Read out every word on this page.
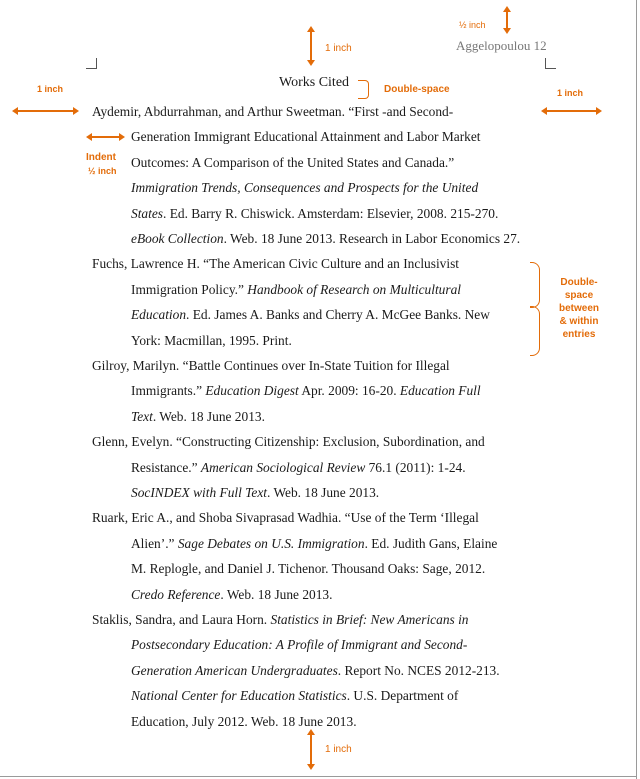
Aggelopoulou 12
Works Cited
1 inch
½ inch
1 inch	1 inch
Double-space
Indent
½ inch
Double-
space
between
& within
entries
1 inch
Aydemir, Abdurrahman, and Arthur Sweetman. “First -and Second-
Generation Immigrant Educational Attainment and Labor Market
Outcomes: A Comparison of the United States and Canada.”
Immigration Trends, Consequences and Prospects for the United
States. Ed. Barry R. Chiswick. Amsterdam: Elsevier, 2008. 215-270.
eBook Collection. Web. 18 June 2013. Research in Labor Economics 27.
Fuchs, Lawrence H. “The American Civic Culture and an Inclusivist
Immigration Policy.” Handbook of Research on Multicultural
Education. Ed. James A. Banks and Cherry A. McGee Banks. New
York: Macmillan, 1995. Print.
Gilroy, Marilyn. “Battle Continues over In-State Tuition for Illegal
Immigrants.” Education Digest Apr. 2009: 16-20. Education Full
Text. Web. 18 June 2013.
Glenn, Evelyn. “Constructing Citizenship: Exclusion, Subordination, and
Resistance.” American Sociological Review 76.1 (2011): 1-24.
SocINDEX with Full Text. Web. 18 June 2013.
Ruark, Eric A., and Shoba Sivaprasad Wadhia. “Use of the Term ‘Illegal
Alien’.” Sage Debates on U.S. Immigration. Ed. Judith Gans, Elaine
M. Replogle, and Daniel J. Tichenor. Thousand Oaks: Sage, 2012.
Credo Reference. Web. 18 June 2013.
Staklis, Sandra, and Laura Horn. Statistics in Brief: New Americans in
Postsecondary Education: A Profile of Immigrant and Second-
Generation American Undergraduates. Report No. NCES 2012-213.
National Center for Education Statistics. U.S. Department of
Education, July 2012. Web. 18 June 2013.
